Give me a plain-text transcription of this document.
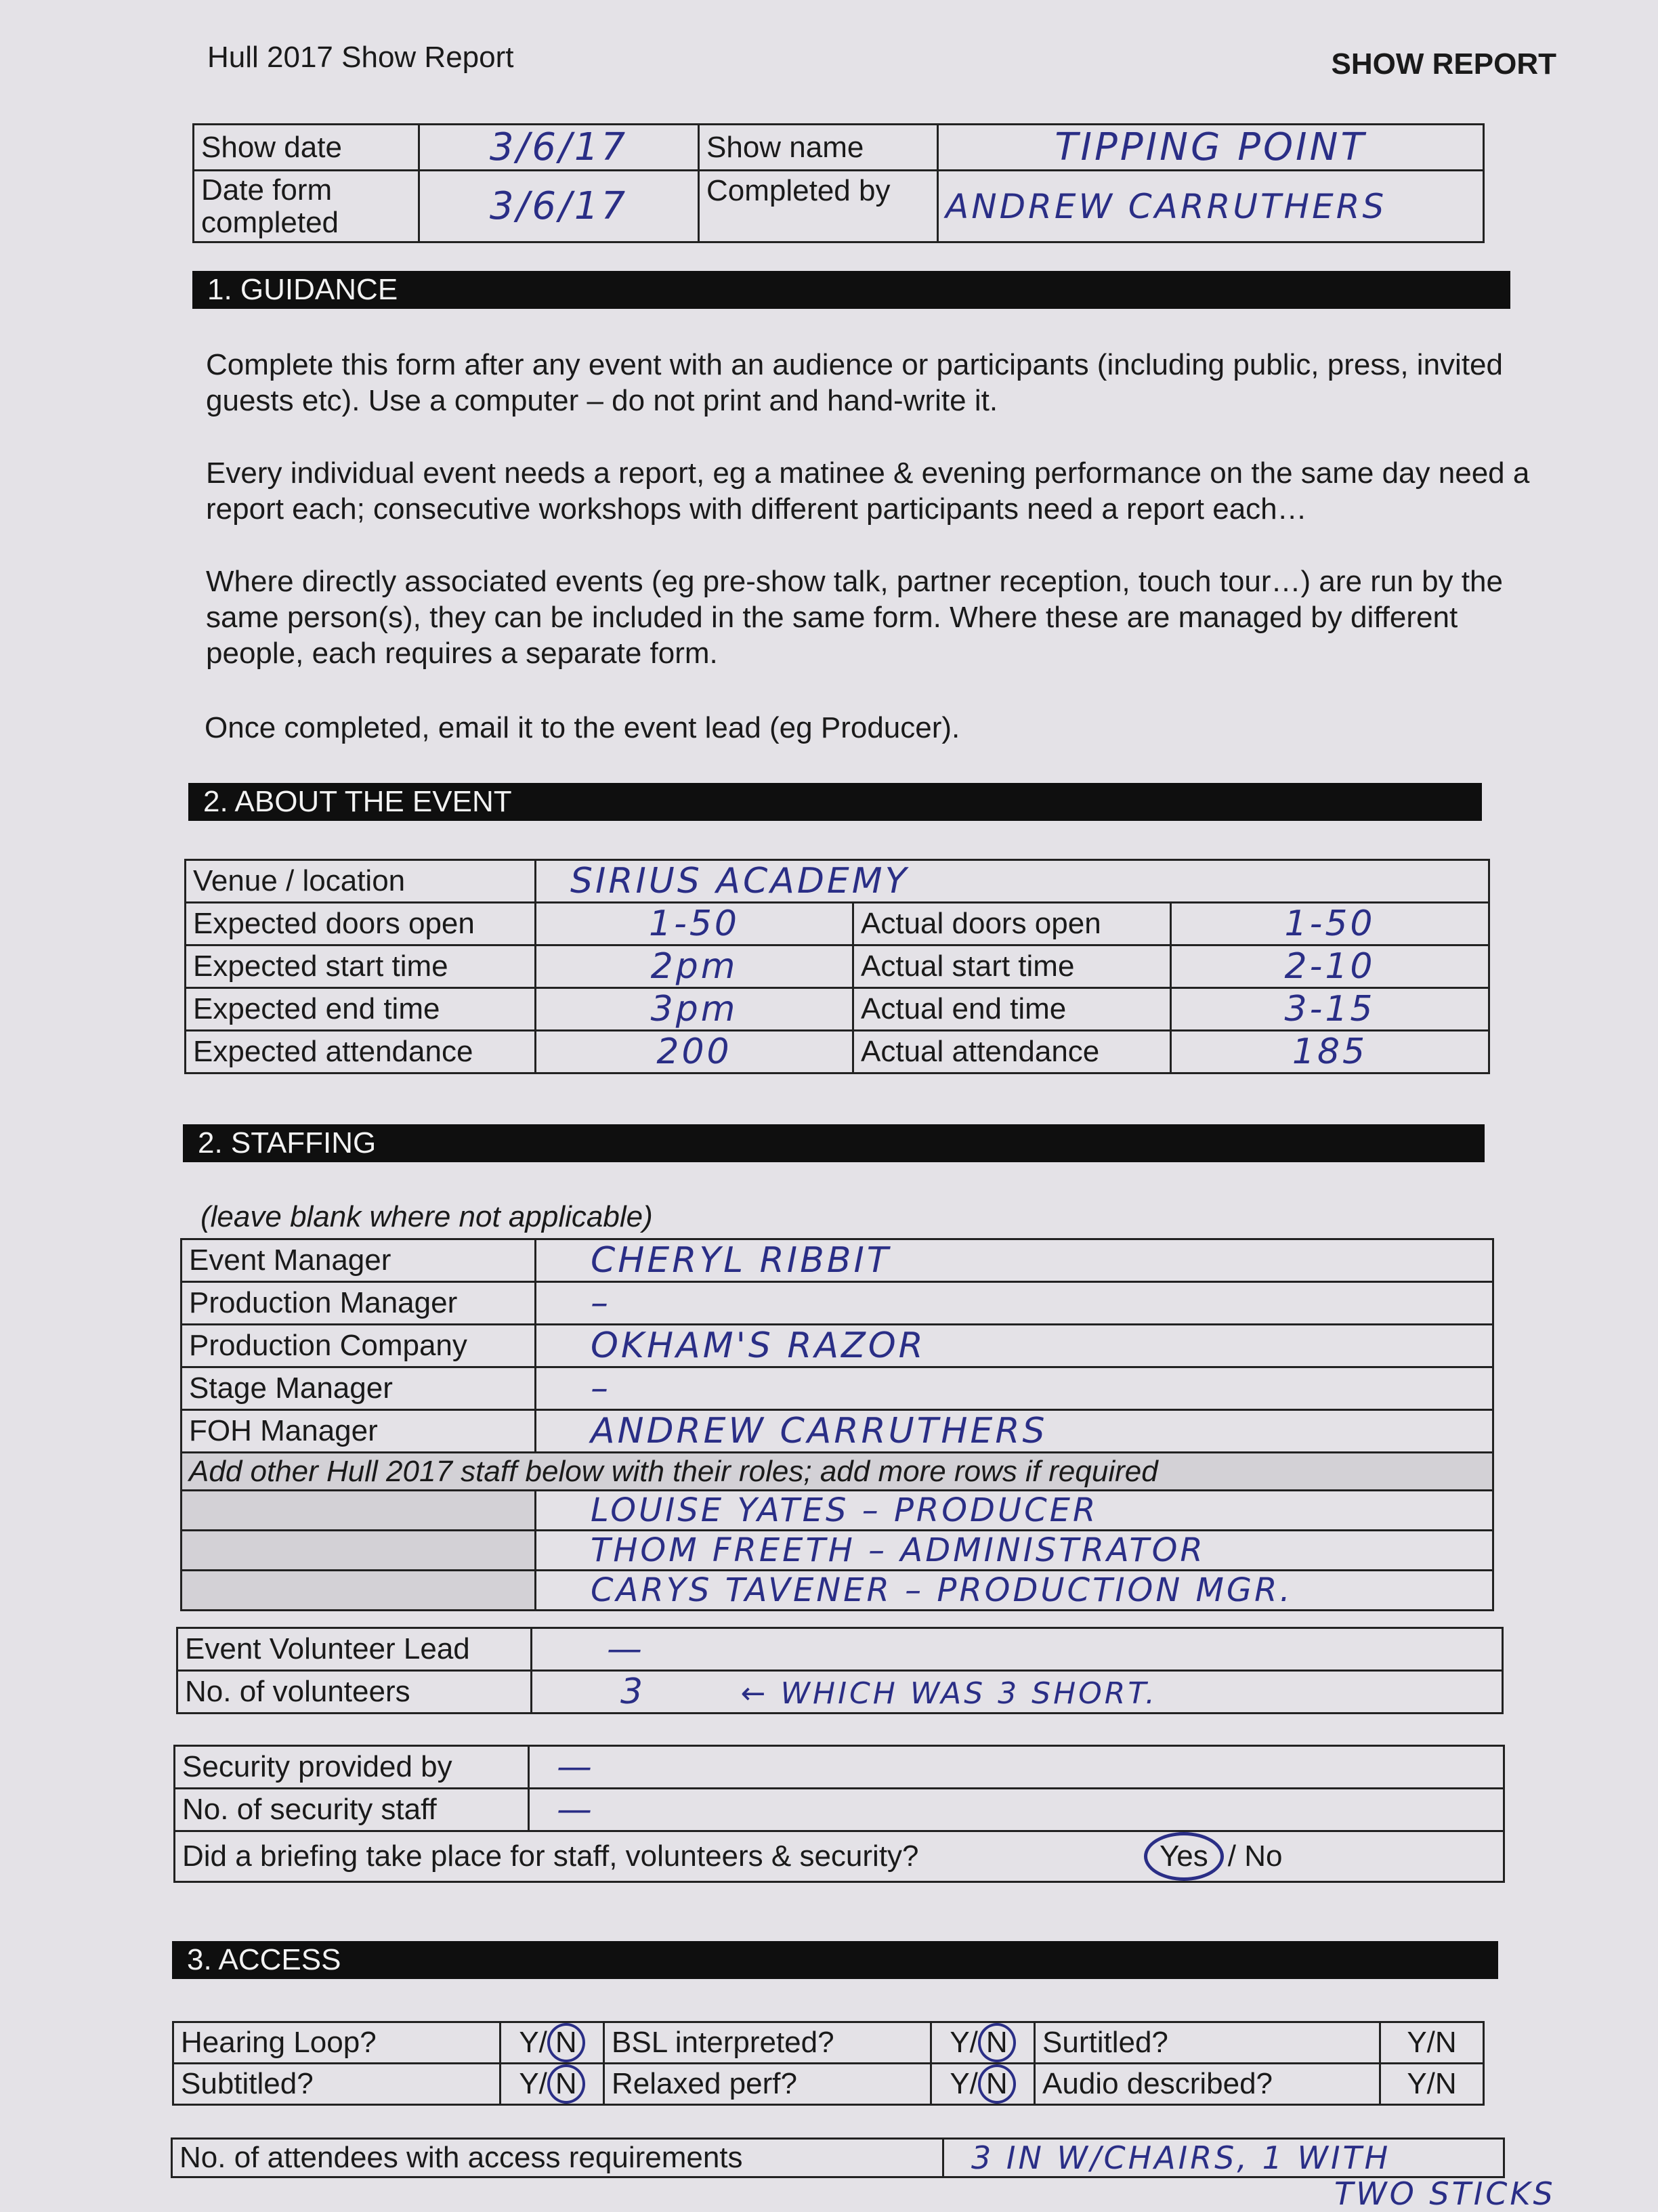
Hull 2017 Show Report	SHOW REPORT
Show date	3/6/17	Show name	TIPPING POINT

Date form
completed	3/6/17	Completed by	ANDREW CARRUTHERS
1. GUIDANCE
Complete this form after any event with an audience or participants (including public, press, invited guests etc). Use a computer – do not print and hand-write it.
Every individual event needs a report, eg a matinee & evening performance on the same day need a report each; consecutive workshops with different participants need a report each…
Where directly associated events (eg pre-show talk, partner reception, touch tour…) are run by the same person(s), they can be included in the same form. Where these are managed by different people, each requires a separate form.
Once completed, email it to the event lead (eg Producer).
2. ABOUT THE EVENT
Venue / location	SIRIUS ACADEMY		
Expected doors open	1-50	Actual doors open	1-50
Expected start time	2pm	Actual start time	2-10
Expected end time	3pm	Actual end time	3-15
Expected attendance	200	Actual attendance	185
2. STAFFING
(leave blank where not applicable)
Event Manager	CHERYL RIBBIT
Production Manager	–
Production Company	OKHAM'S RAZOR
Stage Manager	–
FOH Manager	ANDREW CARRUTHERS
Add other Hull 2017 staff below with their roles; add more rows if required	
	LOUISE YATES – PRODUCER
	THOM FREETH – ADMINISTRATOR
	CARYS TAVENER – PRODUCTION MGR.
Event Volunteer Lead	—
No. of volunteers	3 ← WHICH WAS 3 SHORT.
Security provided by	—	
No. of security staff	—	
Did a briefing take place for staff, volunteers & security?		Yes / No
3. ACCESS
Hearing Loop?	Y/ N	BSL interpreted?	Y/ N	Surtitled?	Y/N
Subtitled?	Y/ N	Relaxed perf?	Y/ N	Audio described?	Y/N
No. of attendees with access requirements	3 IN W/CHAIRS, 1 WITH
TWO STICKS
